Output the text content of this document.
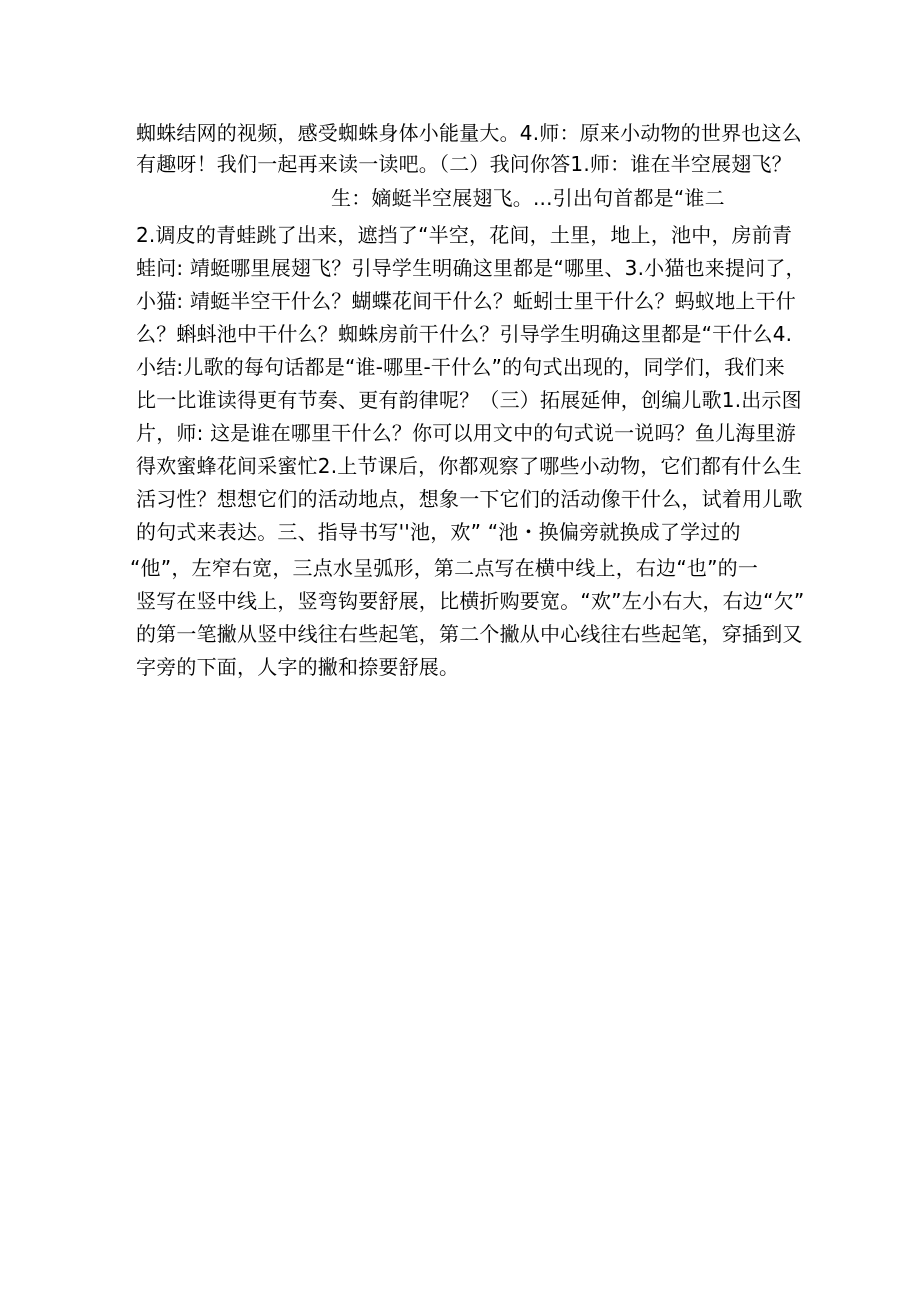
蜘蛛结网的视频，感受蜘蛛身体小能量大。4.师：原来小动物的世界也这么
有趣呀！我们一起再来读一读吧。（二）我问你答1.师：谁在半空展翅飞？
生：嫡蜓半空展翅飞。...引出句首都是“谁二
2.调皮的青蛙跳了出来，遮挡了“半空，花间，土里，地上，池中，房前青
蛙问: 靖蜓哪里展翅飞？引导学生明确这里都是“哪里、3.小猫也来提问了，
小猫: 靖蜓半空干什么？蝴蝶花间干什么？蚯蚓士里干什么？蚂蚁地上干什
么？蝌蚪池中干什么？蜘蛛房前干什么？引导学生明确这里都是“干什么4.
小结:儿歌的每句话都是“谁-哪里-干什么”的句式出现的，同学们，我们来
比一比谁读得更有节奏、更有韵律呢？（三）拓展延伸，创编儿歌1.出示图
片，师: 这是谁在哪里干什么？你可以用文中的句式说一说吗？鱼儿海里游
得欢蜜蜂花间采蜜忙2.上节课后，你都观察了哪些小动物，它们都有什么生
活习性？想想它们的活动地点，想象一下它们的活动像干什么，试着用儿歌
的句式来表达。三、指导书写''池，欢” “池・换偏旁就换成了学过的
“他”，左窄右宽，三点水呈弧形，第二点写在横中线上，右边“也”的一
竖写在竖中线上，竖弯钩要舒展，比横折购要宽。“欢”左小右大，右边“欠”
的第一笔撇从竖中线往右些起笔，第二个撇从中心线往右些起笔，穿插到又
字旁的下面，人字的撇和捺要舒展。
